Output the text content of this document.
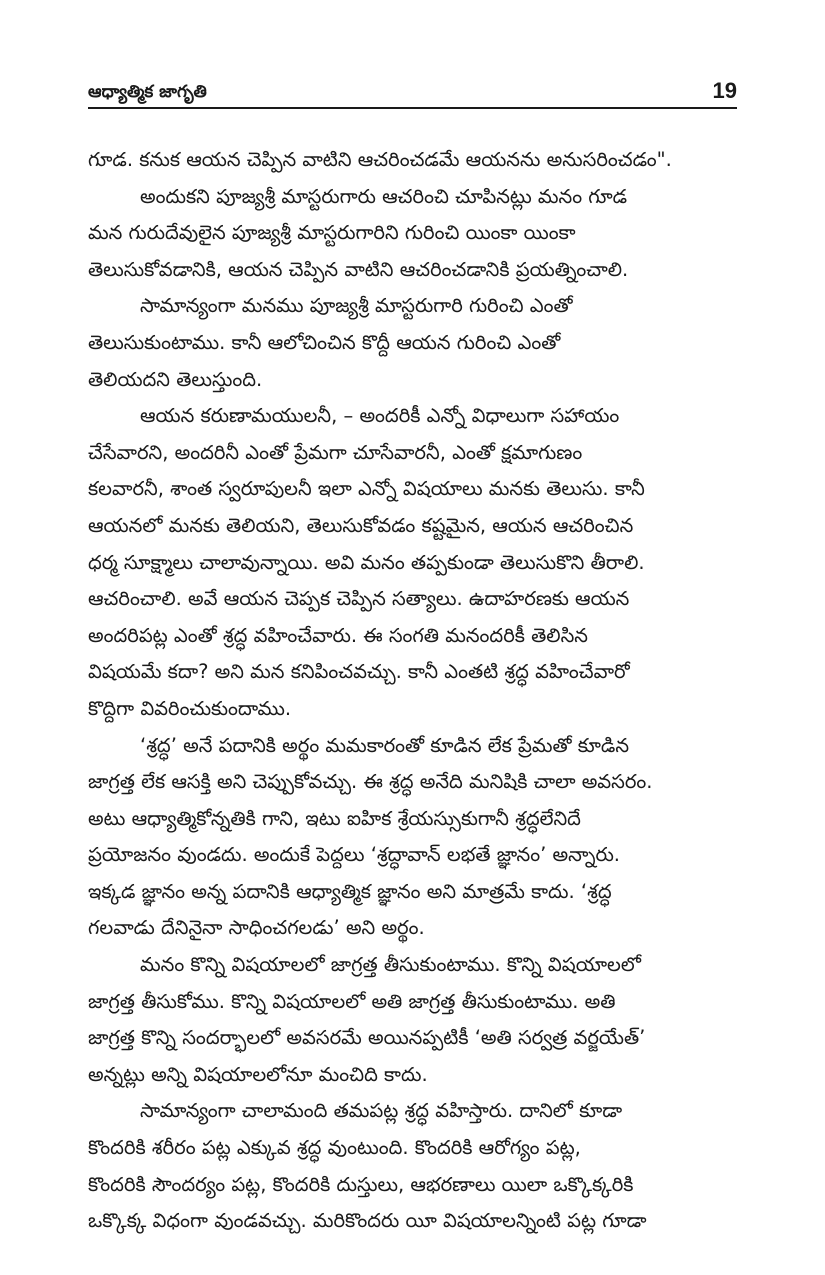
ఆధ్యాత్మిక జాగృతి	19
గూడ. కనుక ఆయన చెప్పిన వాటిని ఆచరించడమే ఆయనను అనుసరించడం".
అందుకని పూజ్యశ్రీ మాస్టరుగారు ఆచరించి చూపినట్లు మనం గూడ
మన గురుదేవులైన పూజ్యశ్రీ మాస్టరుగారిని గురించి యింకా యింకా
తెలుసుకోవడానికి, ఆయన చెప్పిన వాటిని ఆచరించడానికి ప్రయత్నించాలి.
సామాన్యంగా మనము పూజ్యశ్రీ మాస్టరుగారి గురించి ఎంతో
తెలుసుకుంటాము. కానీ ఆలోచించిన కొద్దీ ఆయన గురించి ఎంతో
తెలియదని తెలుస్తుంది.
ఆయన కరుణామయులనీ, – అందరికీ ఎన్నో విధాలుగా సహాయం
చేసేవారని, అందరినీ ఎంతో ప్రేమగా చూసేవారనీ, ఎంతో క్షమాగుణం
కలవారనీ, శాంత స్వరూపులనీ ఇలా ఎన్నో విషయాలు మనకు తెలుసు. కానీ
ఆయనలో మనకు తెలియని, తెలుసుకోవడం కష్టమైన, ఆయన ఆచరించిన
ధర్మ సూక్ష్మాలు చాలావున్నాయి. అవి మనం తప్పకుండా తెలుసుకొని తీరాలి.
ఆచరించాలి. అవే ఆయన చెప్పక చెప్పిన సత్యాలు. ఉదాహరణకు ఆయన
అందరిపట్ల ఎంతో శ్రద్ధ వహించేవారు. ఈ సంగతి మనందరికీ తెలిసిన
విషయమే కదా? అని మన కనిపించవచ్చు. కానీ ఎంతటి శ్రద్ధ వహించేవారో
కొద్దిగా వివరించుకుందాము.
‘శ్రద్ధ’ అనే పదానికి అర్థం మమకారంతో కూడిన లేక ప్రేమతో కూడిన
జాగ్రత్త లేక ఆసక్తి అని చెప్పుకోవచ్చు. ఈ శ్రద్ధ అనేది మనిషికి చాలా అవసరం.
అటు ఆధ్యాత్మికోన్నతికి గాని, ఇటు ఐహిక శ్రేయస్సుకుగానీ శ్రద్ధలేనిదే
ప్రయోజనం వుండదు. అందుకే పెద్దలు ‘శ్రద్ధావాన్ లభతే జ్ఞానం’ అన్నారు.
ఇక్కడ జ్ఞానం అన్న పదానికి ఆధ్యాత్మిక జ్ఞానం అని మాత్రమే కాదు. ‘శ్రద్ధ
గలవాడు దేనినైనా సాధించగలడు’ అని అర్థం.
మనం కొన్ని విషయాలలో జాగ్రత్త తీసుకుంటాము. కొన్ని విషయాలలో
జాగ్రత్త తీసుకోము. కొన్ని విషయాలలో అతి జాగ్రత్త తీసుకుంటాము. అతి
జాగ్రత్త కొన్ని సందర్భాలలో అవసరమే అయినప్పటికీ ‘అతి సర్వత్ర వర్జయేత్’
అన్నట్లు అన్ని విషయాలలోనూ మంచిది కాదు.
సామాన్యంగా చాలామంది తమపట్ల శ్రద్ధ వహిస్తారు. దానిలో కూడా
కొందరికి శరీరం పట్ల ఎక్కువ శ్రద్ధ వుంటుంది. కొందరికి ఆరోగ్యం పట్ల,
కొందరికి సౌందర్యం పట్ల, కొందరికి దుస్తులు, ఆభరణాలు యిలా ఒక్కొక్కరికి
ఒక్కొక్క విధంగా వుండవచ్చు. మరికొందరు యీ విషయాలన్నింటి పట్ల గూడా
